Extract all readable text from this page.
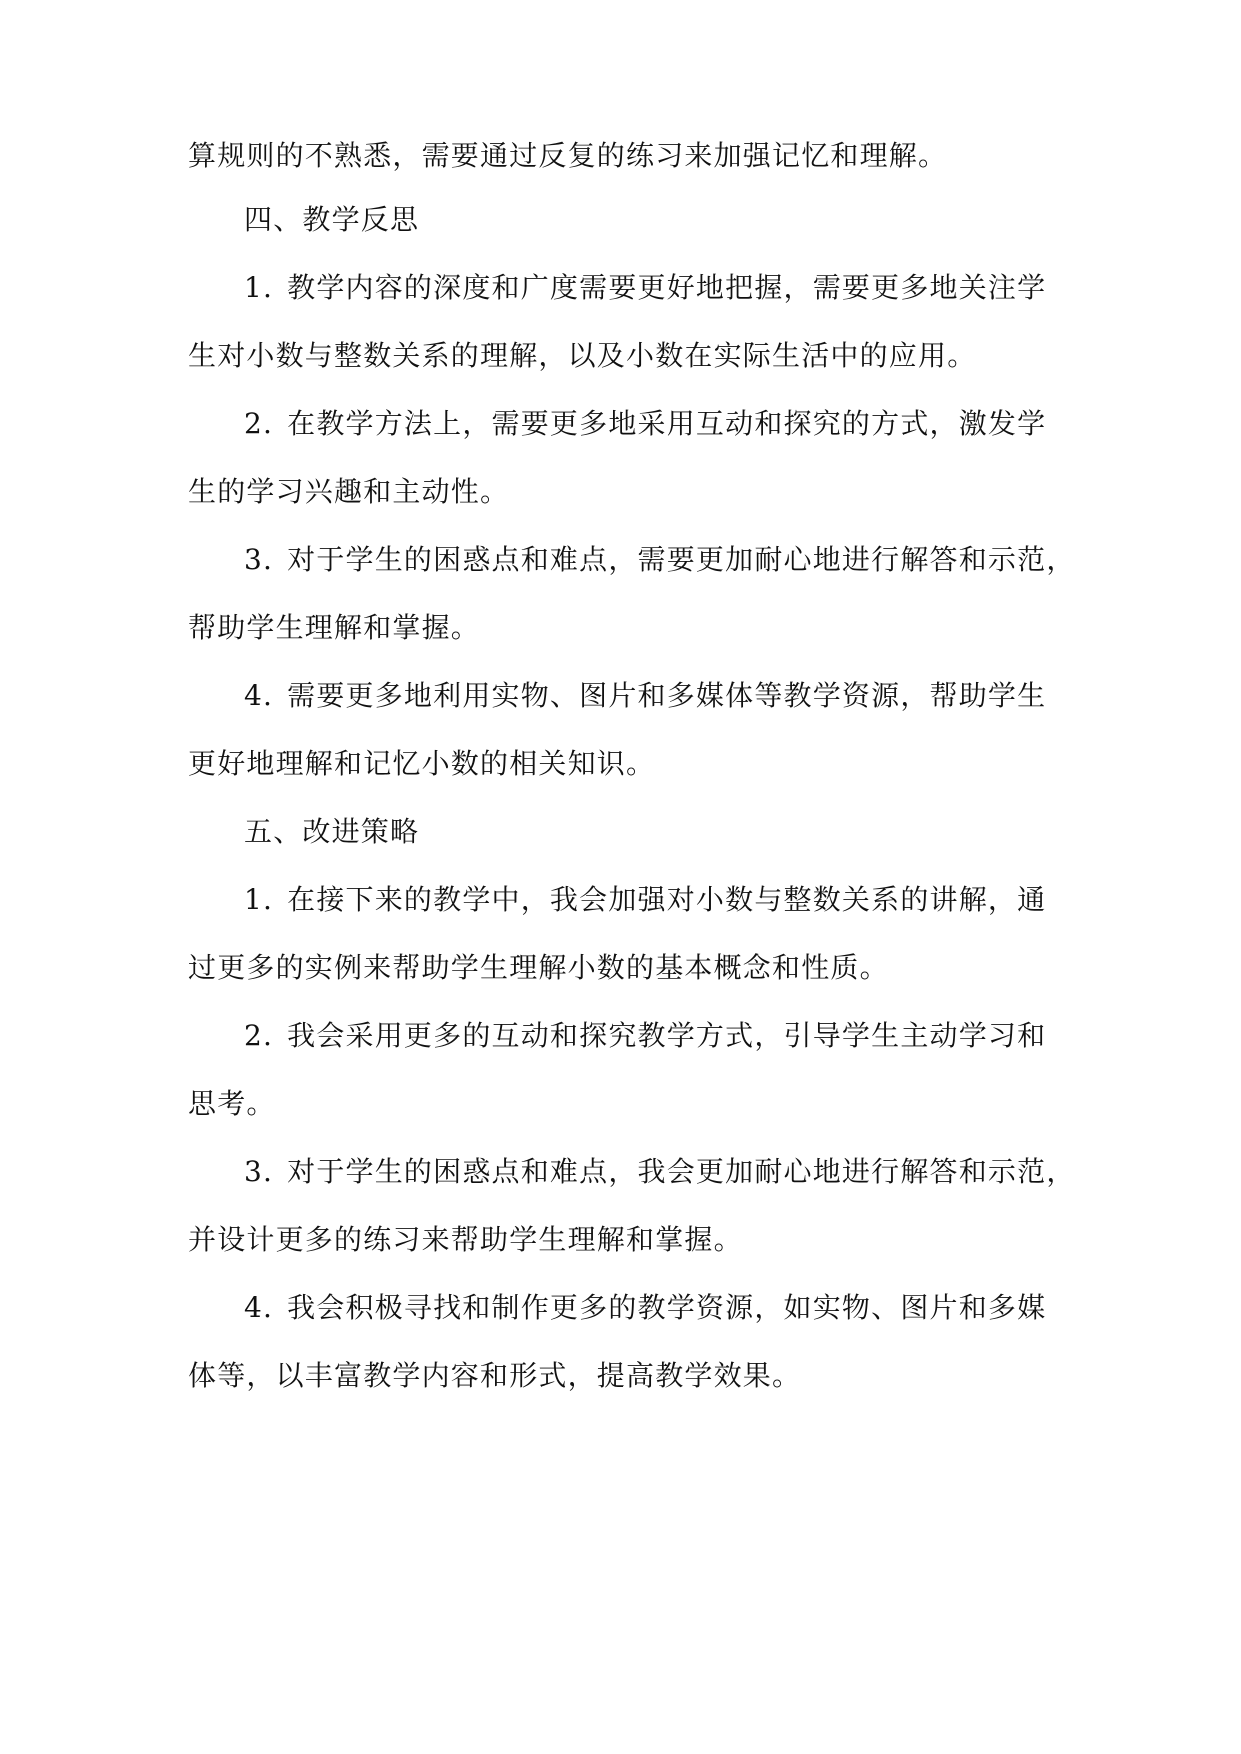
算规则的不熟悉，需要通过反复的练习来加强记忆和理解。
四、教学反思
1. 教学内容的深度和广度需要更好地把握，需要更多地关注学
生对小数与整数关系的理解，以及小数在实际生活中的应用。
2. 在教学方法上，需要更多地采用互动和探究的方式，激发学
生的学习兴趣和主动性。
3. 对于学生的困惑点和难点，需要更加耐心地进行解答和示范，
帮助学生理解和掌握。
4. 需要更多地利用实物、图片和多媒体等教学资源，帮助学生
更好地理解和记忆小数的相关知识。
五、改进策略
1. 在接下来的教学中，我会加强对小数与整数关系的讲解，通
过更多的实例来帮助学生理解小数的基本概念和性质。
2. 我会采用更多的互动和探究教学方式，引导学生主动学习和
思考。
3. 对于学生的困惑点和难点，我会更加耐心地进行解答和示范，
并设计更多的练习来帮助学生理解和掌握。
4. 我会积极寻找和制作更多的教学资源，如实物、图片和多媒
体等，以丰富教学内容和形式，提高教学效果。
